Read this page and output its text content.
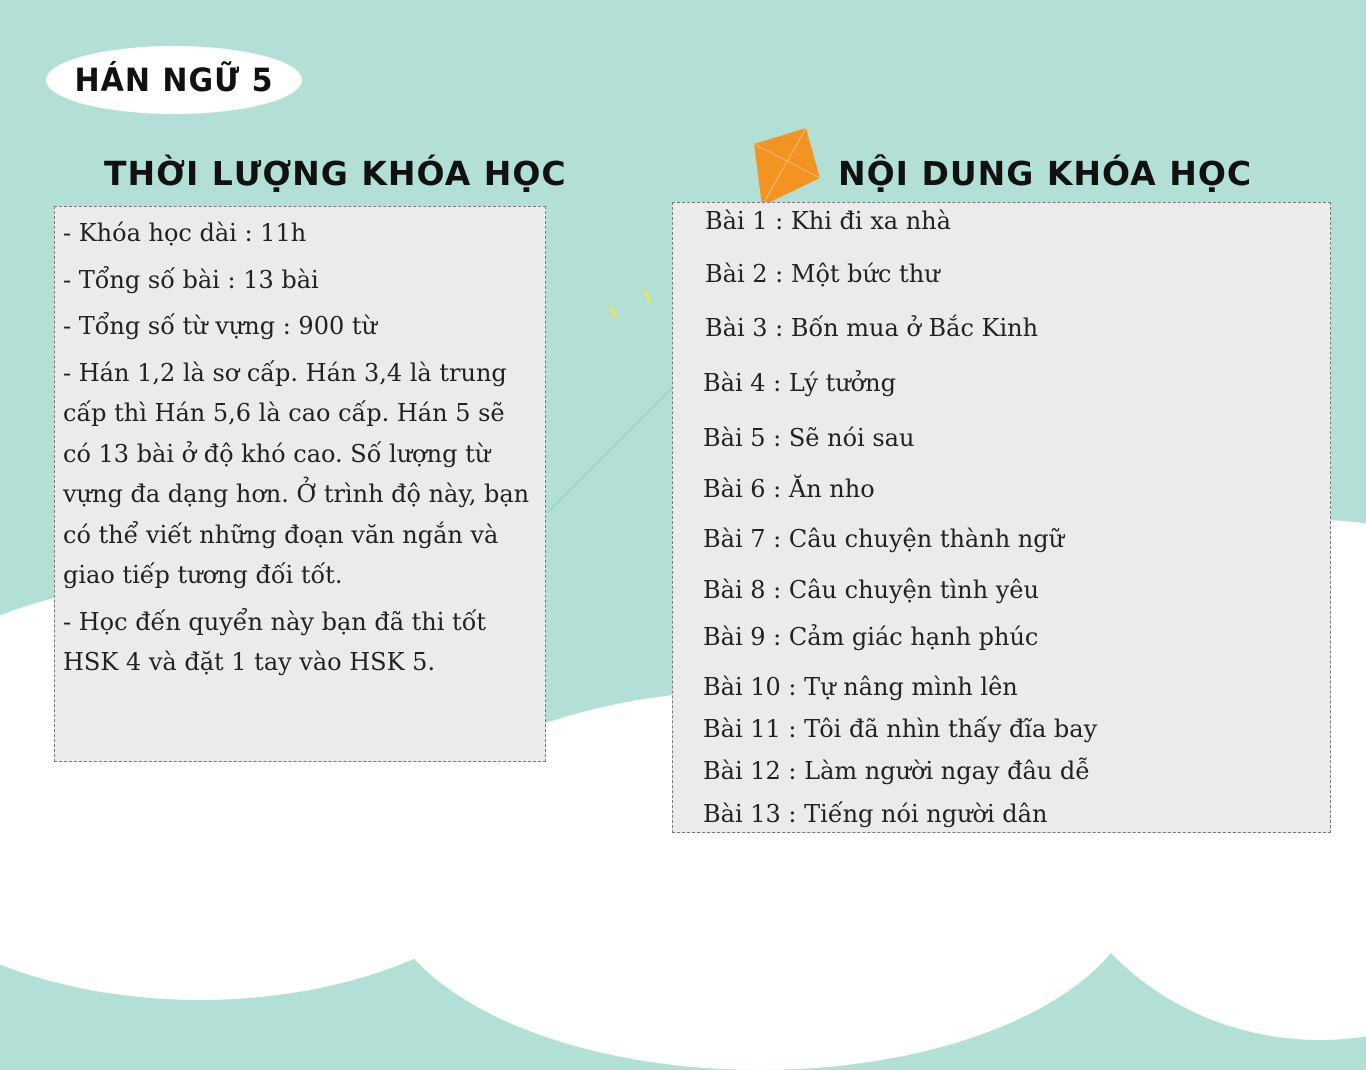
HÁN NGỮ 5
THỜI LƯỢNG KHÓA HỌC	NỘI DUNG KHÓA HỌC

- Khóa học dài : 11h

- Tổng số bài : 13 bài

- Tổng số từ vựng : 900 từ

- Hán 1,2 là sơ cấp. Hán 3,4 là trung cấp thì Hán 5,6 là cao cấp. Hán 5 sẽ có 13 bài ở độ khó cao. Số lượng từ vựng đa dạng hơn. Ở trình độ này, bạn có thể viết những đoạn văn ngắn và giao tiếp tương đối tốt.

- Học đến quyển này bạn đã thi tốt HSK 4 và đặt 1 tay vào HSK 5.

Bài 1 : Khi đi xa nhà
Bài 2 : Một bức thư
Bài 3 : Bốn mua ở Bắc Kinh
Bài 4 : Lý tưởng
Bài 5 : Sẽ nói sau
Bài 6 : Ăn nho
Bài 7 : Câu chuyện thành ngữ
Bài 8 : Câu chuyện tình yêu
Bài 9 : Cảm giác hạnh phúc
Bài 10 : Tự nâng mình lên
Bài 11 : Tôi đã nhìn thấy đĩa bay
Bài 12 : Làm người ngay đâu dễ
Bài 13 : Tiếng nói người dân
